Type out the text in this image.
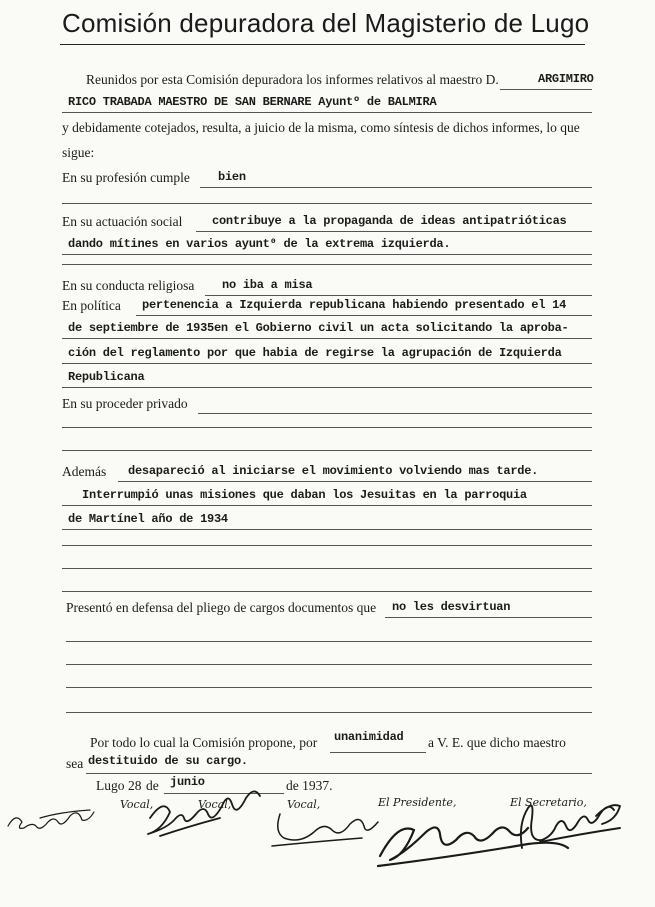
Comisión depuradora del Magisterio de Lugo
Reunidos por esta Comisión depuradora los informes relativos al maestro D.	ARGIMIRO
RICO TRABADA MAESTRO DE SAN BERNARE Ayuntº de BALMIRA
y debidamente cotejados, resulta, a juicio de la misma, como síntesis de dichos informes, lo que
sigue:
En su profesión cumple bien
En su actuación social contribuye a la propaganda de ideas antipatrióticas
dando mítines en varios ayunt⁰ de la extrema izquierda.
En su conducta religiosa no iba a misa
En política pertenencia a Izquierda republicana habiendo presentado el 14
de septiembre de 1935en el Gobierno civil un acta solicitando la aproba-
ción del reglamento por que habia de regirse la agrupación de Izquierda
Republicana
En su proceder privado
Además desapareció al iniciarse el movimiento volviendo mas tarde.
Interrumpió unas misiones que daban los Jesuitas en la parroquia
de Martínel año de 1934
Presentó en defensa del pliego de cargos documentos que no les desvirtuan
Por todo lo cual la Comisión propone, por unanimidad a V. E. que dicho maestro
sea destituido de su cargo.
Lugo 28 de junio	de 1937.
Vocal,	Vocal,	Vocal,	El Presidente,	El Secretario,
